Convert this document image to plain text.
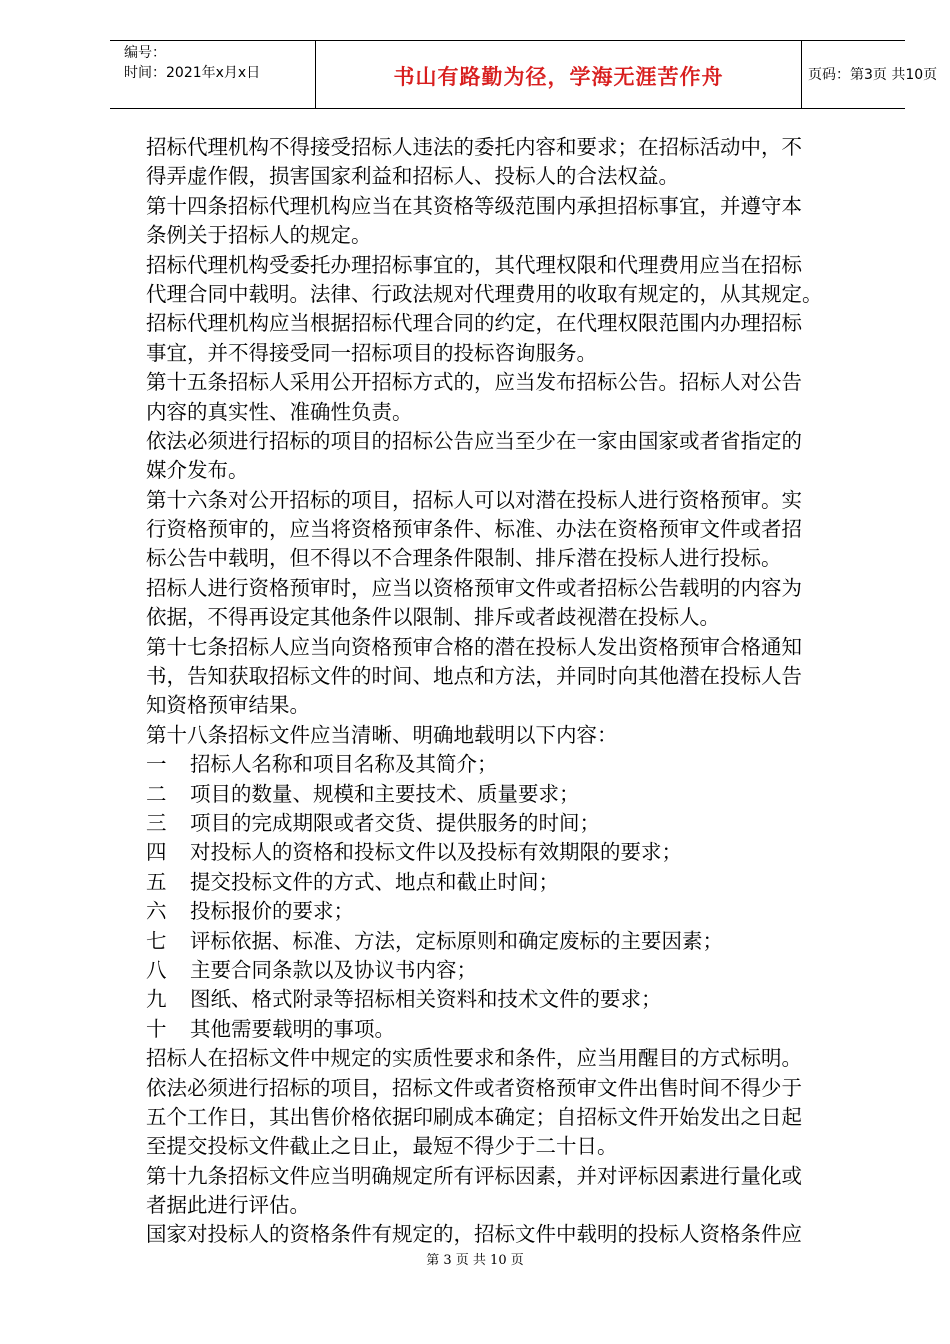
编号：
时间：2021年x月x日	书山有路勤为径，学海无涯苦作舟	页码：第3页 共10页
招标代理机构不得接受招标人违法的委托内容和要求；在招标活动中，不
得弄虚作假，损害国家利益和招标人、投标人的合法权益。
第十四条招标代理机构应当在其资格等级范围内承担招标事宜，并遵守本
条例关于招标人的规定。
招标代理机构受委托办理招标事宜的，其代理权限和代理费用应当在招标
代理合同中载明。法律、行政法规对代理费用的收取有规定的，从其规定。
招标代理机构应当根据招标代理合同的约定，在代理权限范围内办理招标
事宜，并不得接受同一招标项目的投标咨询服务。
第十五条招标人采用公开招标方式的，应当发布招标公告。招标人对公告
内容的真实性、准确性负责。
依法必须进行招标的项目的招标公告应当至少在一家由国家或者省指定的
媒介发布。
第十六条对公开招标的项目，招标人可以对潜在投标人进行资格预审。实
行资格预审的，应当将资格预审条件、标准、办法在资格预审文件或者招
标公告中载明，但不得以不合理条件限制、排斥潜在投标人进行投标。
招标人进行资格预审时，应当以资格预审文件或者招标公告载明的内容为
依据，不得再设定其他条件以限制、排斥或者歧视潜在投标人。
第十七条招标人应当向资格预审合格的潜在投标人发出资格预审合格通知
书，告知获取招标文件的时间、地点和方法，并同时向其他潜在投标人告
知资格预审结果。
第十八条招标文件应当清晰、明确地载明以下内容：
一	招标人名称和项目名称及其简介；
二	项目的数量、规模和主要技术、质量要求；
三	项目的完成期限或者交货、提供服务的时间；
四	对投标人的资格和投标文件以及投标有效期限的要求；
五	提交投标文件的方式、地点和截止时间；
六	投标报价的要求；
七	评标依据、标准、方法，定标原则和确定废标的主要因素；
八	主要合同条款以及协议书内容；
九	图纸、格式附录等招标相关资料和技术文件的要求；
十	其他需要载明的事项。
招标人在招标文件中规定的实质性要求和条件，应当用醒目的方式标明。
依法必须进行招标的项目，招标文件或者资格预审文件出售时间不得少于
五个工作日，其出售价格依据印刷成本确定；自招标文件开始发出之日起
至提交投标文件截止之日止，最短不得少于二十日。
第十九条招标文件应当明确规定所有评标因素，并对评标因素进行量化或
者据此进行评估。
国家对投标人的资格条件有规定的，招标文件中载明的投标人资格条件应
第 3 页 共 10 页
